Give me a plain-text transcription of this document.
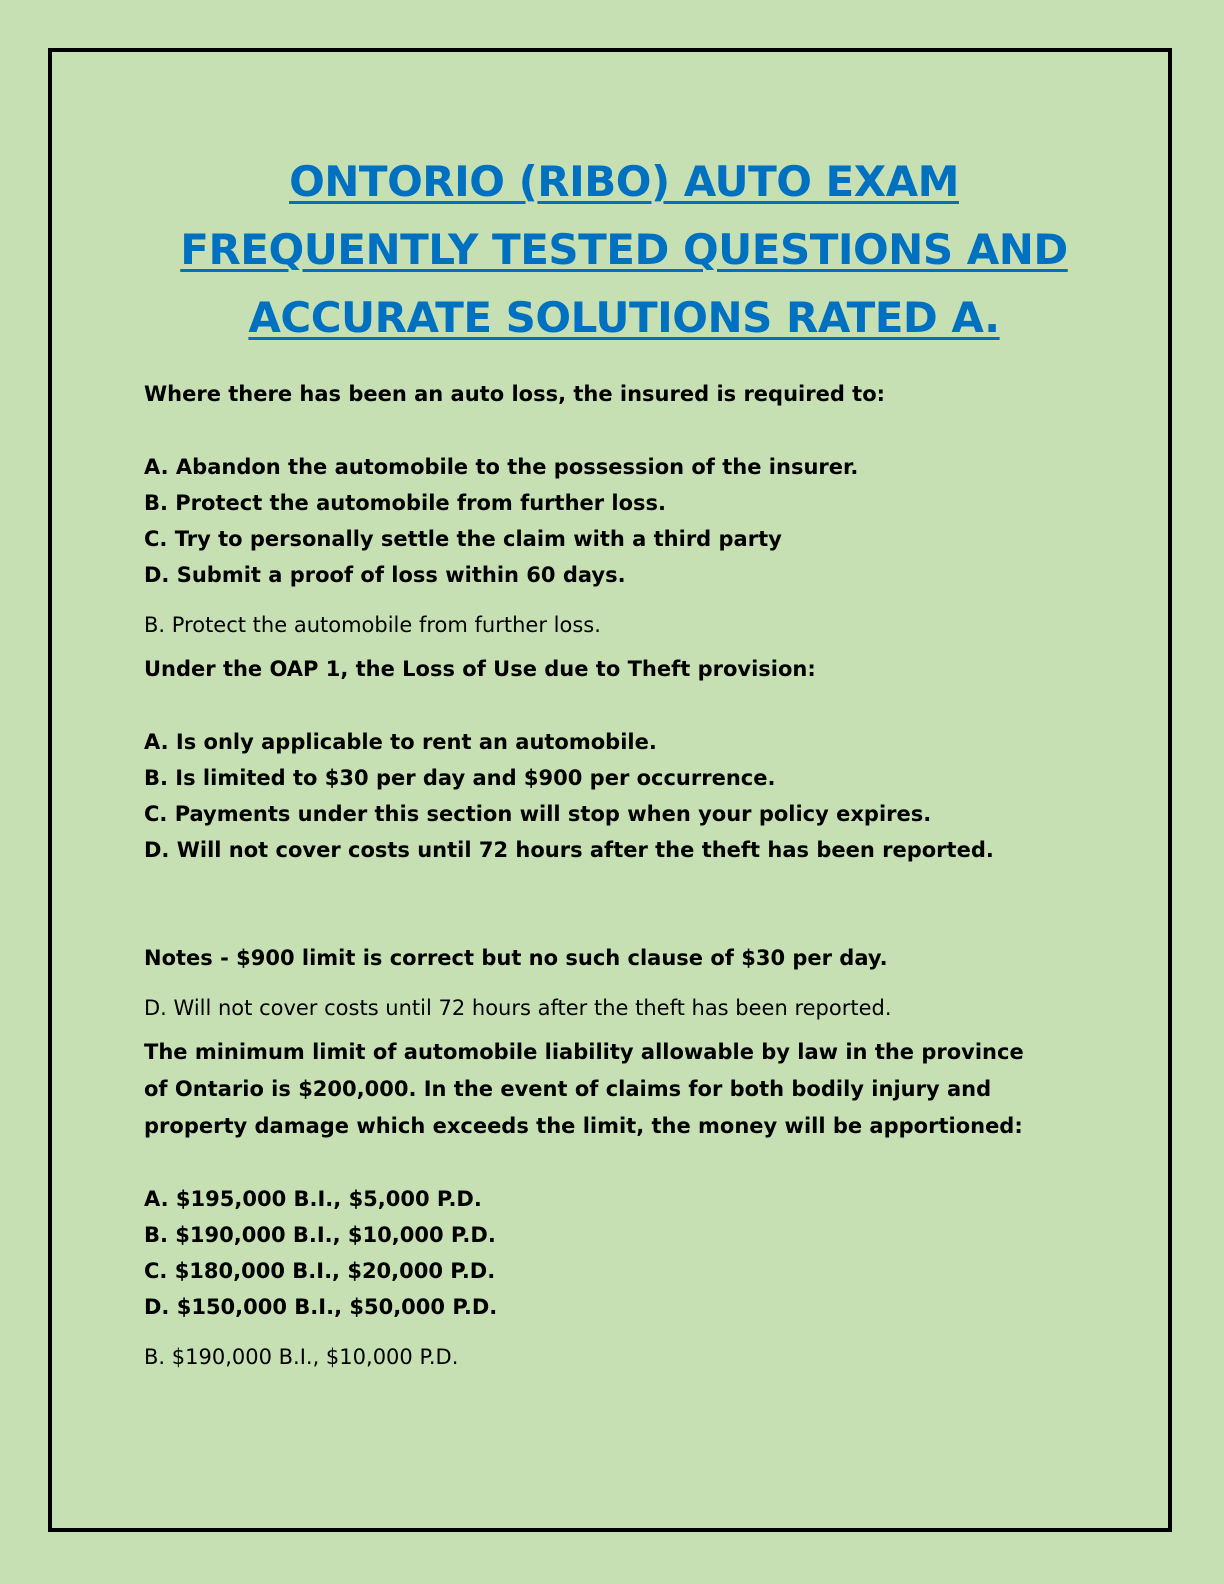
ONTORIO (RIBO) AUTO EXAM FREQUENTLY TESTED QUESTIONS AND ACCURATE SOLUTIONS RATED A.

Where there has been an auto loss, the insured is required to:

A. Abandon the automobile to the possession of the insurer.
B. Protect the automobile from further loss.
C. Try to personally settle the claim with a third party
D. Submit a proof of loss within 60 days.

B. Protect the automobile from further loss.

Under the OAP 1, the Loss of Use due to Theft provision:

A. Is only applicable to rent an automobile.
B. Is limited to $30 per day and $900 per occurrence.
C. Payments under this section will stop when your policy expires.
D. Will not cover costs until 72 hours after the theft has been reported.

Notes - $900 limit is correct but no such clause of $30 per day.

D. Will not cover costs until 72 hours after the theft has been reported.

The minimum limit of automobile liability allowable by law in the province of Ontario is $200,000. In the event of claims for both bodily injury and property damage which exceeds the limit, the money will be apportioned:

A. $195,000 B.I., $5,000 P.D.
B. $190,000 B.I., $10,000 P.D.
C. $180,000 B.I., $20,000 P.D.
D. $150,000 B.I., $50,000 P.D.

B. $190,000 B.I., $10,000 P.D.
